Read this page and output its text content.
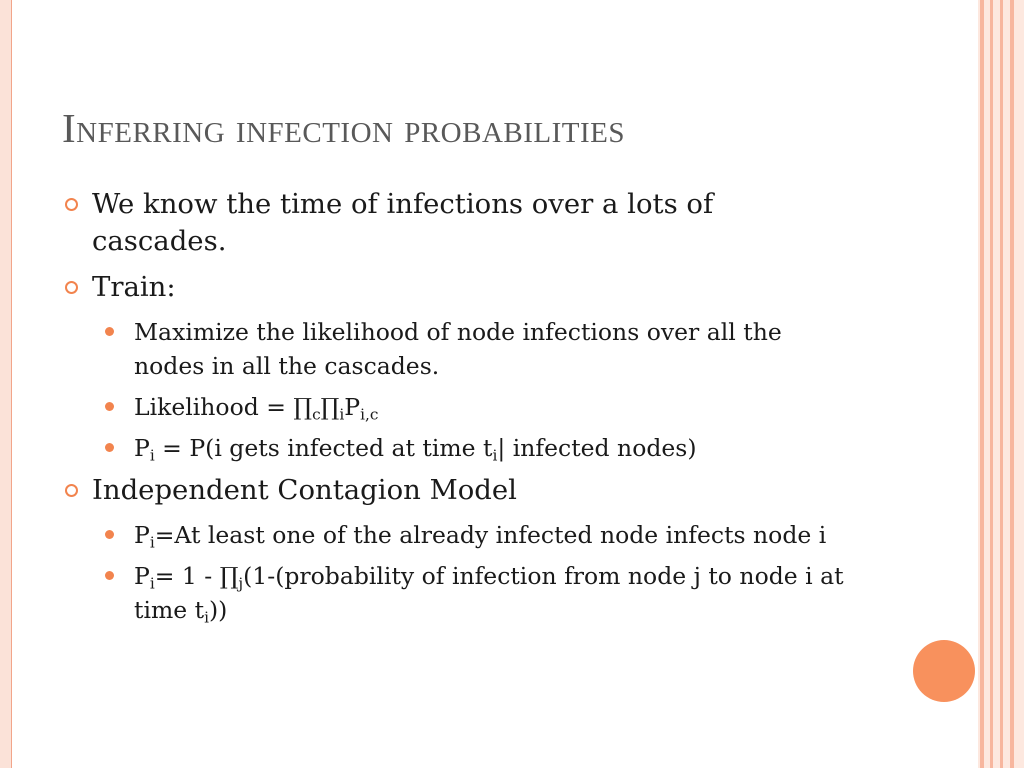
Inferring infection probabilities
We know the time of infections over a lots of cascades.
Train:
Maximize the likelihood of node infections over all the nodes in all the cascades.
Likelihood = $\prod_c\prod_iP_{i,c}$
$P_i = P(i$ gets infected at time $t_i|$ infected nodes)
Independent Contagion Model
$P_i=At$ least one of the already infected node infects node i
$P_i= 1$ - $\prod_j(1-(probability$ of infection from node j to node i at time $t_i$))
